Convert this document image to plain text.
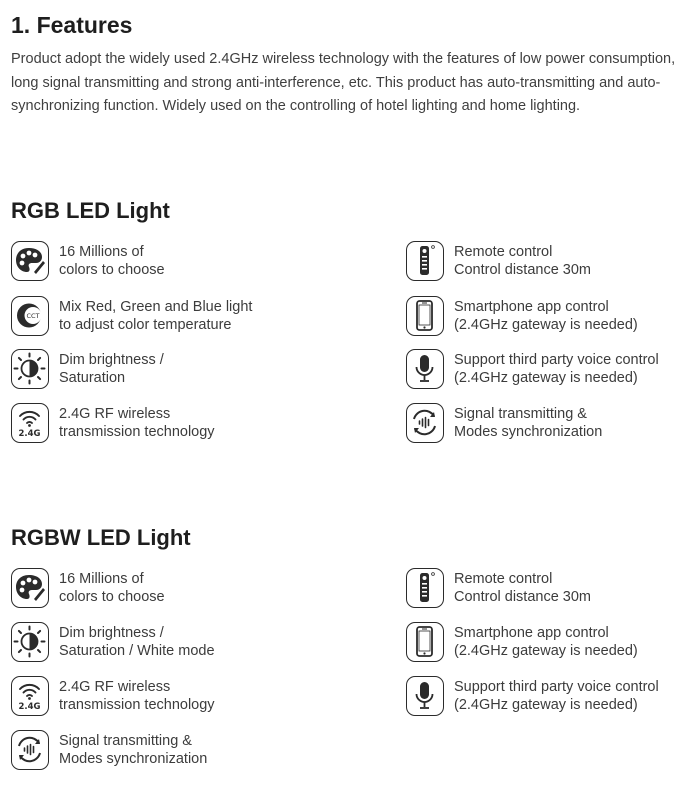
1. Features

Product adopt the widely used 2.4GHz wireless technology with the features of low power consumption, long signal transmitting and strong anti-interference, etc. This product has auto-transmitting and auto-synchronizing function. Widely used on the controlling of hotel lighting and home lighting.

RGB LED Light
16 Millions of
colors to choose
Remote control
Control distance 30m
CCT
Mix Red, Green and Blue light
to adjust color temperature
Smartphone app control
(2.4GHz gateway is needed)
Dim brightness /
Saturation
Support third party voice control
(2.4GHz gateway is needed)
2.4G
2.4G RF wireless
transmission technology
Signal transmitting &
Modes synchronization
RGBW LED Light
16 Millions of
colors to choose
Remote control
Control distance 30m
Dim brightness /
Saturation / White mode
Smartphone app control
(2.4GHz gateway is needed)
2.4G
2.4G RF wireless
transmission technology
Support third party voice control
(2.4GHz gateway is needed)
Signal transmitting &
Modes synchronization
